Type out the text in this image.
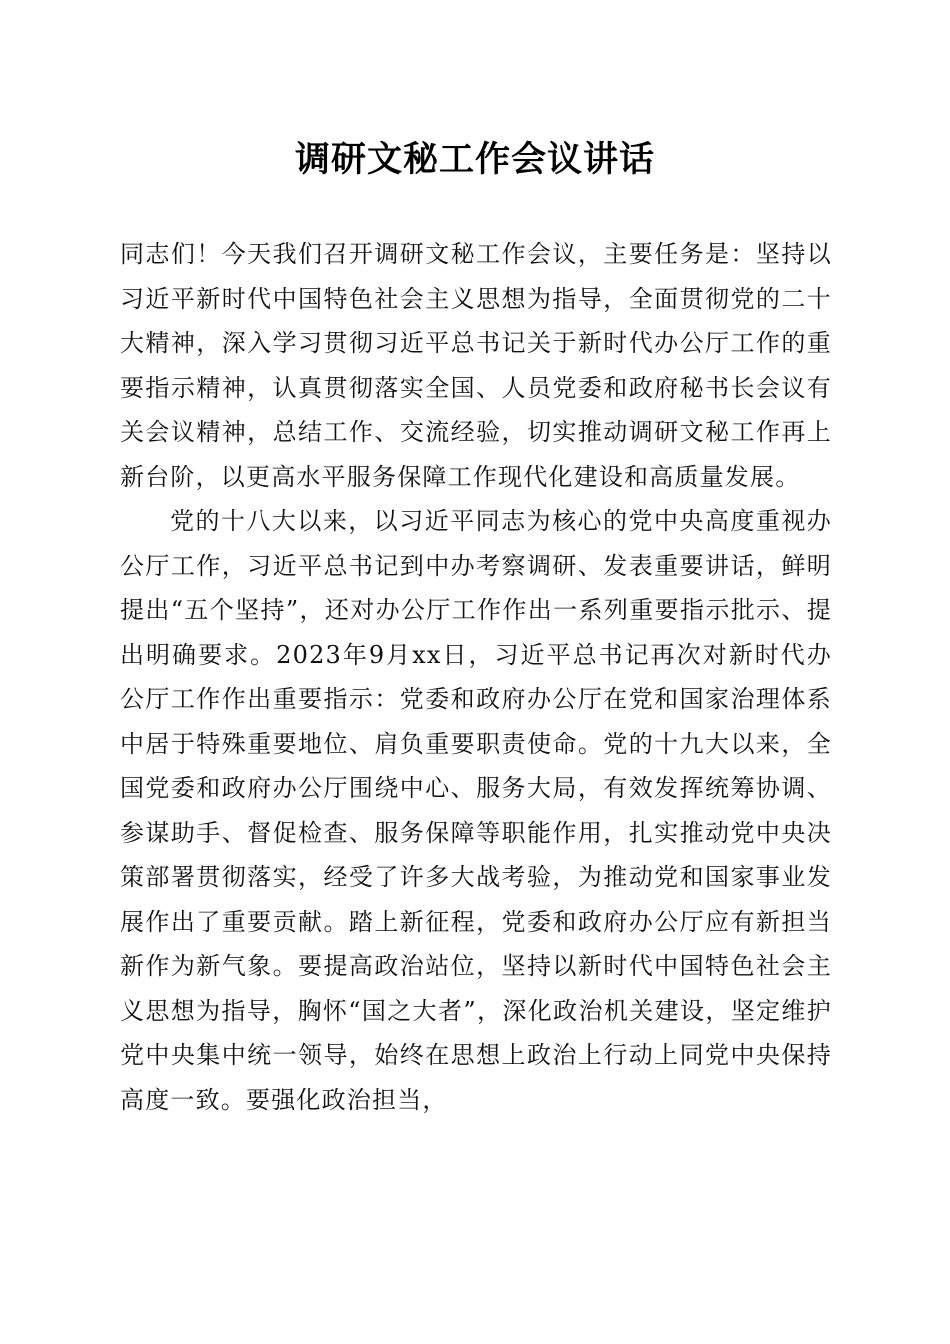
调研文秘工作会议讲话

同志们！今天我们召开调研文秘工作会议，主要任务是：坚持以习近平新时代中国特色社会主义思想为指导，全面贯彻党的二十大精神，深入学习贯彻习近平总书记关于新时代办公厅工作的重要指示精神，认真贯彻落实全国、人员党委和政府秘书长会议有关会议精神，总结工作、交流经验，切实推动调研文秘工作再上新台阶，以更高水平服务保障工作现代化建设和高质量发展。

党的十八大以来，以习近平同志为核心的党中央高度重视办公厅工作，习近平总书记到中办考察调研、发表重要讲话，鲜明提出“五个坚持”，还对办公厅工作作出一系列重要指示批示、提出明确要求。2023年9月xx日，习近平总书记再次对新时代办公厅工作作出重要指示：党委和政府办公厅在党和国家治理体系中居于特殊重要地位、肩负重要职责使命。党的十九大以来，全国党委和政府办公厅围绕中心、服务大局，有效发挥统筹协调、参谋助手、督促检查、服务保障等职能作用，扎实推动党中央决策部署贯彻落实，经受了许多大战考验，为推动党和国家事业发展作出了重要贡献。踏上新征程，党委和政府办公厅应有新担当新作为新气象。要提高政治站位，坚持以新时代中国特色社会主义思想为指导，胸怀“国之大者”，深化政治机关建设，坚定维护党中央集中统一领导，始终在思想上政治上行动上同党中央保持高度一致。要强化政治担当，
